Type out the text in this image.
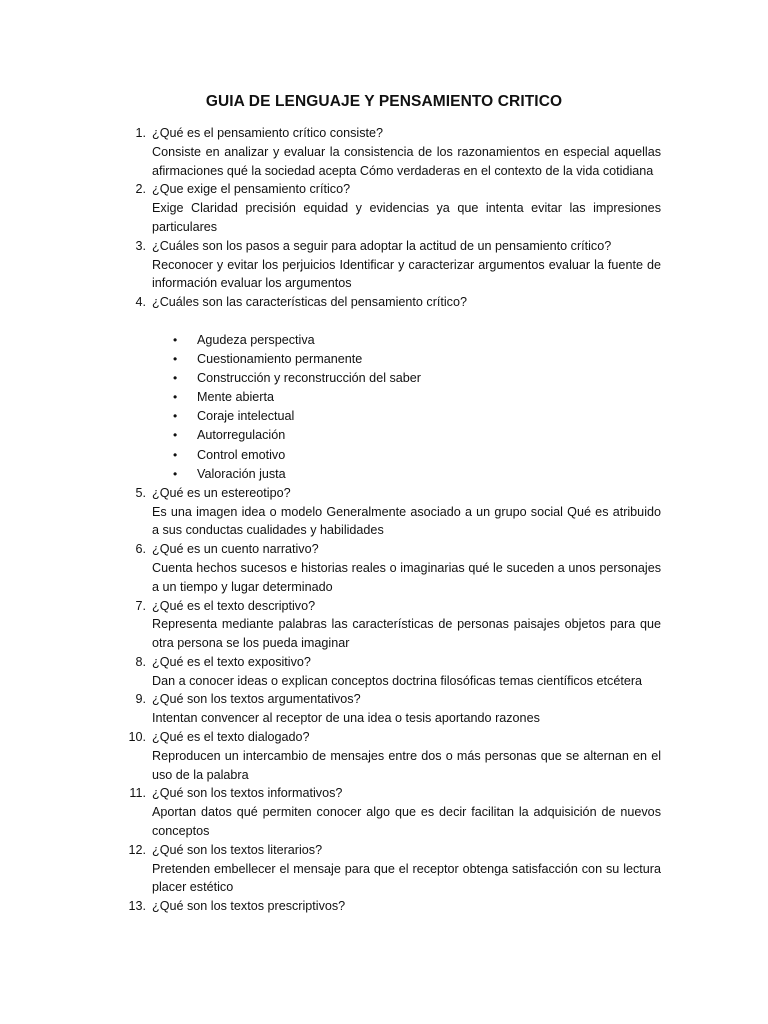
GUIA DE LENGUAJE Y PENSAMIENTO CRITICO
1. ¿Qué es el pensamiento crítico consiste?
Consiste en analizar y evaluar la consistencia de los razonamientos en especial aquellas afirmaciones qué la sociedad acepta Cómo verdaderas en el contexto de la vida cotidiana
2. ¿Que exige el pensamiento crítico?
Exige Claridad precisión equidad y evidencias ya que intenta evitar las impresiones particulares
3. ¿Cuáles son los pasos a seguir para adoptar la actitud de un pensamiento crítico?
Reconocer y evitar los perjuicios Identificar y caracterizar argumentos evaluar la fuente de información evaluar los argumentos
4. ¿Cuáles son las características del pensamiento crítico?
• Agudeza perspectiva
• Cuestionamiento permanente
• Construcción y reconstrucción del saber
• Mente abierta
• Coraje intelectual
• Autorregulación
• Control emotivo
• Valoración justa
5. ¿Qué es un estereotipo?
Es una imagen idea o modelo Generalmente asociado a un grupo social Qué es atribuido a sus conductas cualidades y habilidades
6. ¿Qué es un cuento narrativo?
Cuenta hechos sucesos e historias reales o imaginarias qué le suceden a unos personajes a un tiempo y lugar determinado
7. ¿Qué es el texto descriptivo?
Representa mediante palabras las características de personas paisajes objetos para que otra persona se los pueda imaginar
8. ¿Qué es el texto expositivo?
Dan a conocer ideas o explican conceptos doctrina filosóficas temas científicos etcétera
9. ¿Qué son los textos argumentativos?
Intentan convencer al receptor de una idea o tesis aportando razones
10. ¿Qué es el texto dialogado?
Reproducen un intercambio de mensajes entre dos o más personas que se alternan en el uso de la palabra
11. ¿Qué son los textos informativos?
Aportan datos qué permiten conocer algo que es decir facilitan la adquisición de nuevos conceptos
12. ¿Qué son los textos literarios?
Pretenden embellecer el mensaje para que el receptor obtenga satisfacción con su lectura placer estético
13. ¿Qué son los textos prescriptivos?
